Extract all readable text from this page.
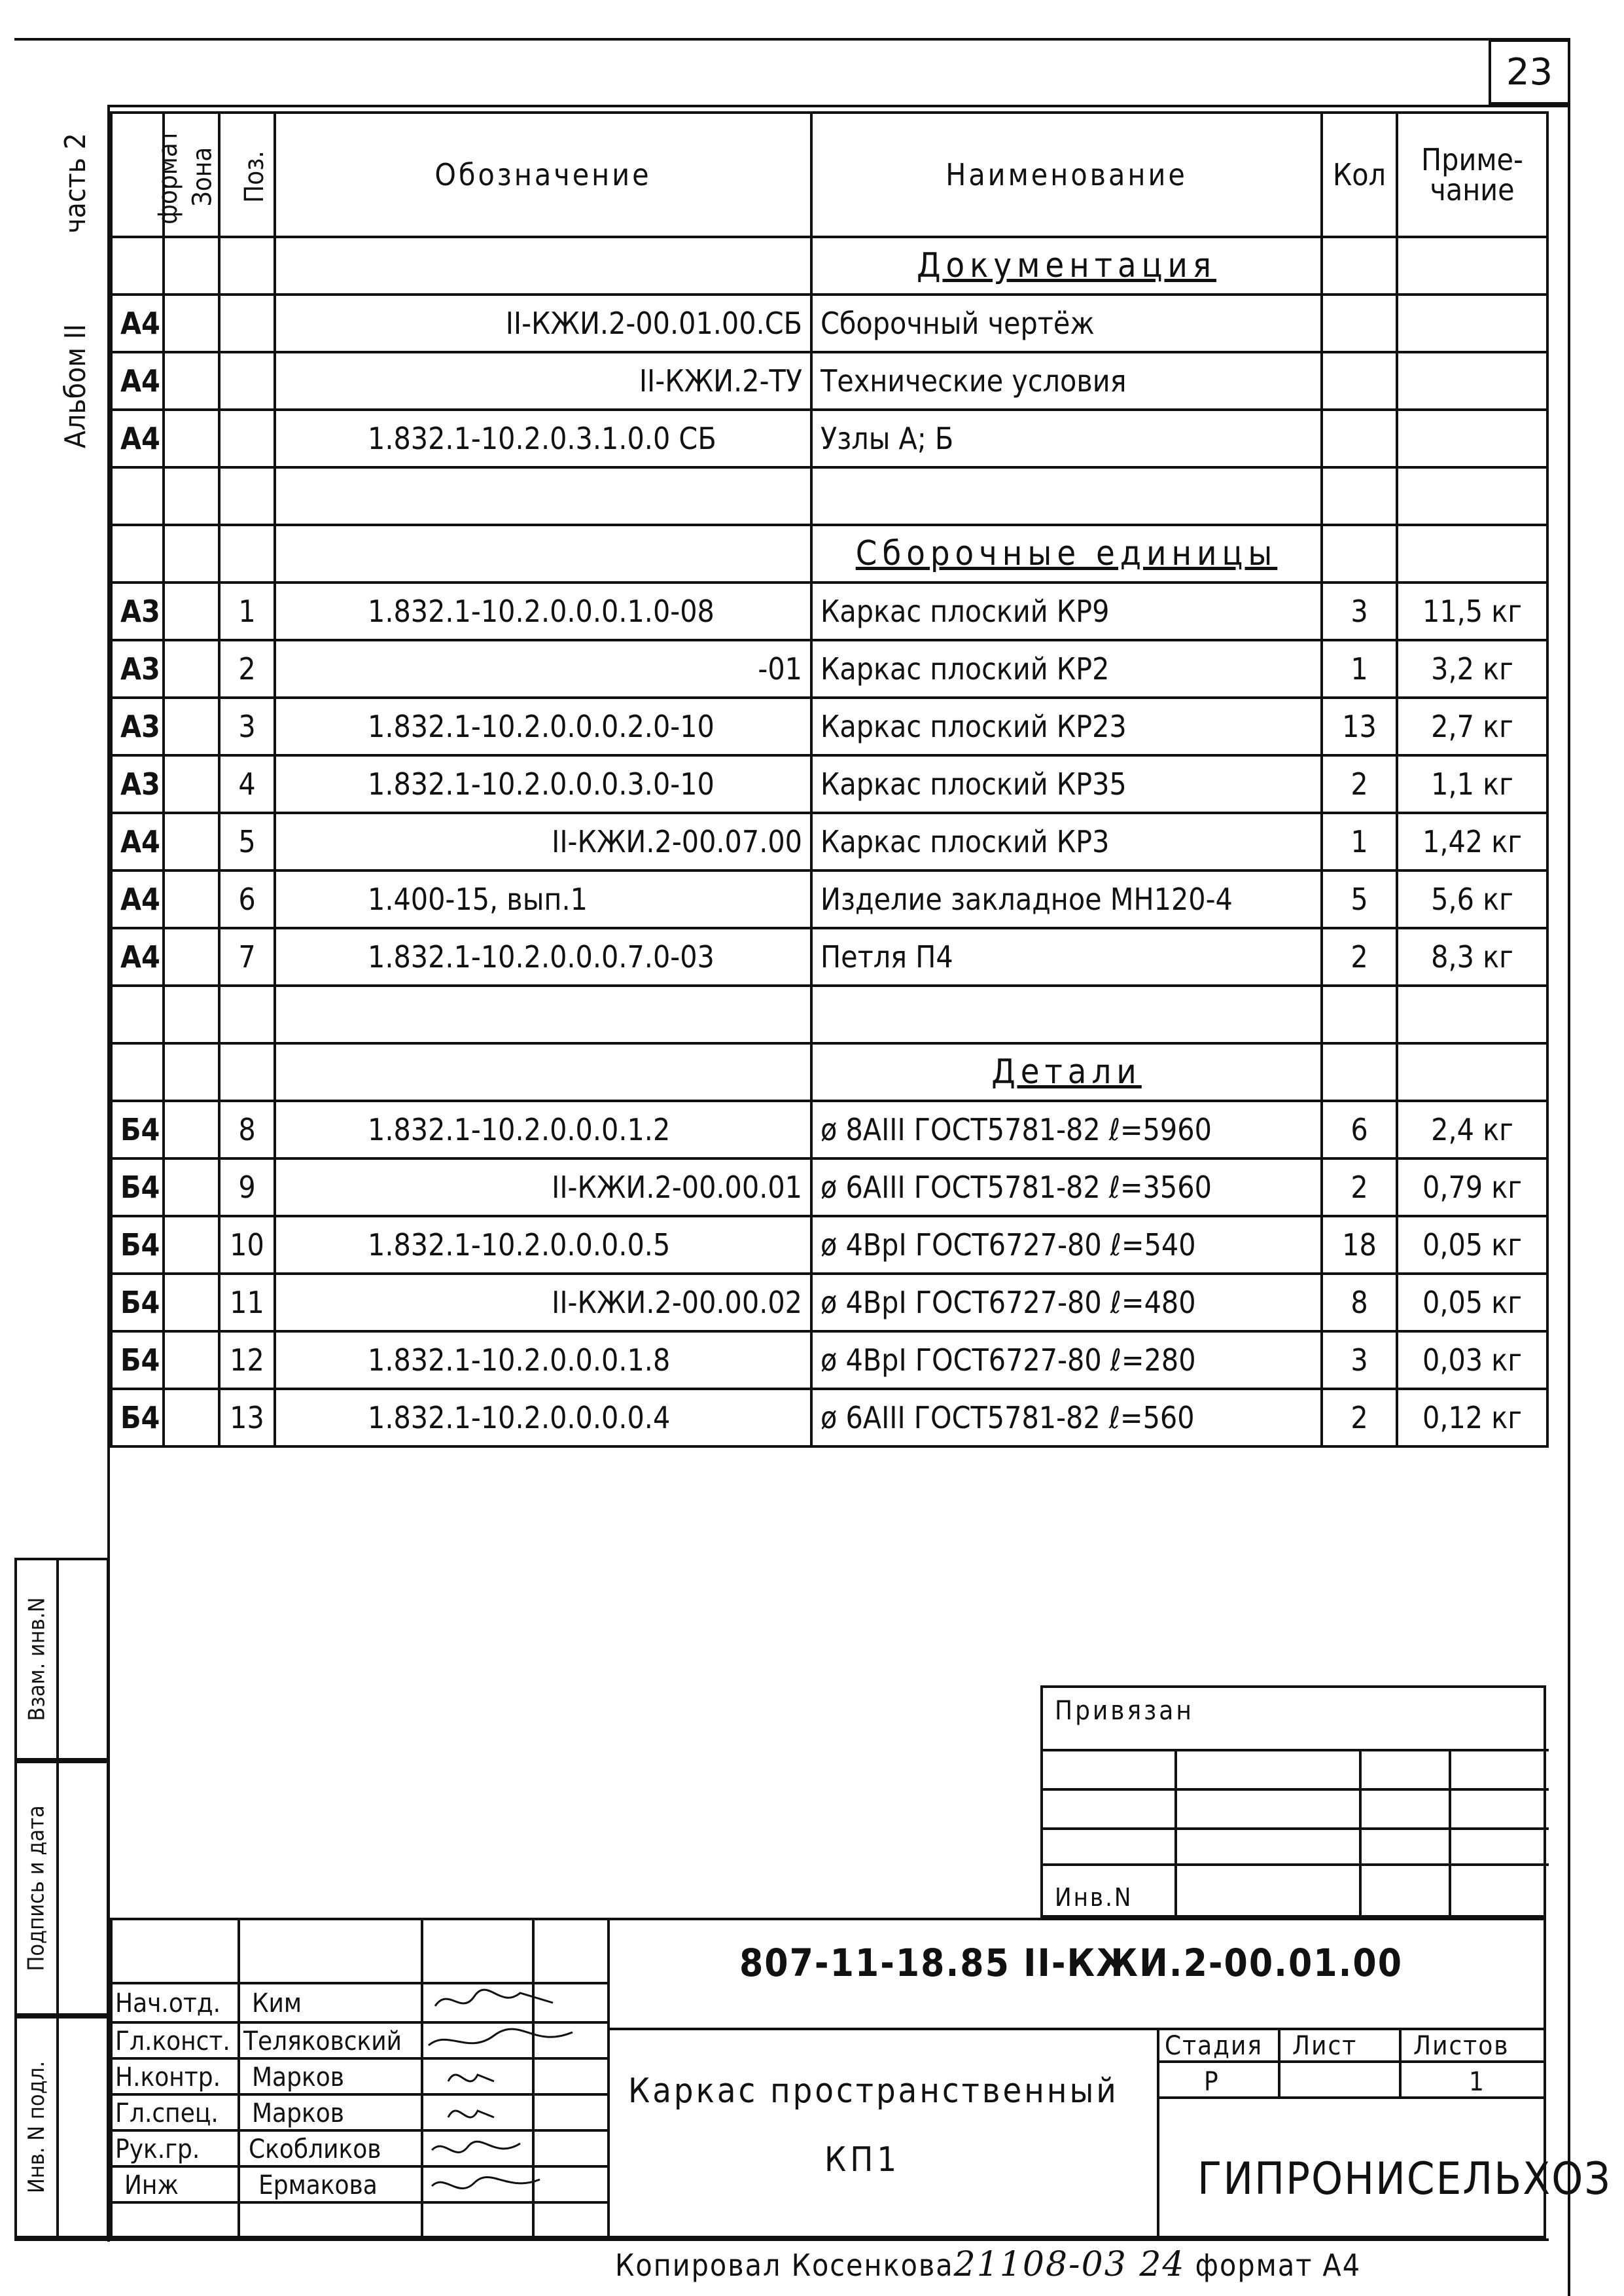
23
Альбом II
часть 2 формат	Зона	Поз.	Обозначение	Наименование	Кол	Приме-
чание
				Документация		
А4			II-КЖИ.2-00.01.00.СБ	Сборочный чертёж		
А4			II-КЖИ.2-ТУ	Технические условия		
А4			1.832.1-10.2.0.3.1.0.0 СБ	Узлы А; Б		

				Сборочные единицы		
А3		1	1.832.1-10.2.0.0.0.1.0-08	Каркас плоский КР9	3	11,5 кг
А3		2	-01	Каркас плоский КР2	1	3,2 кг
А3		3	1.832.1-10.2.0.0.0.2.0-10	Каркас плоский КР23	13	2,7 кг
А3		4	1.832.1-10.2.0.0.0.3.0-10	Каркас плоский КР35	2	1,1 кг
А4		5	II-КЖИ.2-00.07.00	Каркас плоский КР3	1	1,42 кг
А4		6	1.400-15, вып.1	Изделие закладное МН120-4	5	5,6 кг
А4		7	1.832.1-10.2.0.0.0.7.0-03	Петля П4	2	8,3 кг

				Детали		
Б4		8	1.832.1-10.2.0.0.0.1.2	ø 8АIII ГОСТ5781-82 ℓ=5960	6	2,4 кг
Б4		9	II-КЖИ.2-00.00.01	ø 6АIII ГОСТ5781-82 ℓ=3560	2	0,79 кг
Б4		10	1.832.1-10.2.0.0.0.0.5	ø 4ВрI ГОСТ6727-80 ℓ=540	18	0,05 кг
Б4		11	II-КЖИ.2-00.00.02	ø 4ВрI ГОСТ6727-80 ℓ=480	8	0,05 кг
Б4		12	1.832.1-10.2.0.0.0.1.8	ø 4ВрI ГОСТ6727-80 ℓ=280	3	0,03 кг
Б4		13	1.832.1-10.2.0.0.0.0.4	ø 6АIII ГОСТ5781-82 ℓ=560	2	0,12 кг
Взам. инв.N
Подпись и дата
Инв. N подл.
Привязан
Инв.N
807-11-18.85 II-КЖИ.2-00.01.00
Каркас пространственный
КП1	ГИПРОНИСЕЛЬХОЗ
Стадия Лист Листов
Р	1
Нач.отд. Ким
Гл.конст. Теляковский
Н.контр. Марков
Гл.спец. Марков
Рук.гр. Скобликов
Инж	Ермакова
Копировал Косенкова21108-03 24 формат А4
